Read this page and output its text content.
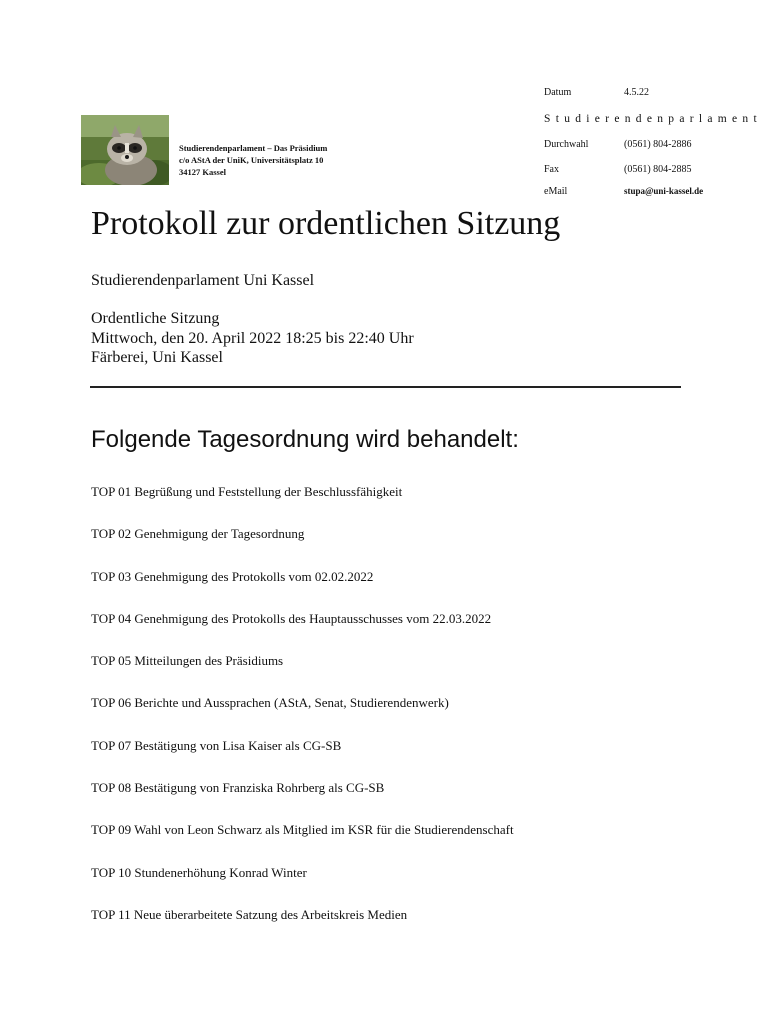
Studierendenparlament – Das Präsidium
c/o AStA der UniK, Universitätsplatz 10
34127 Kassel
Datum	4.5.22
Studierendenparlament
Durchwahl	(0561) 804-2886
Fax	(0561) 804-2885
eMail	stupa@uni-kassel.de
Protokoll zur ordentlichen Sitzung
Studierendenparlament Uni Kassel
Ordentliche Sitzung
Mittwoch, den 20. April 2022 18:25 bis 22:40 Uhr
Färberei, Uni Kassel
Folgende Tagesordnung wird behandelt:
TOP 01 Begrüßung und Feststellung der Beschlussfähigkeit
TOP 02 Genehmigung der Tagesordnung
TOP 03 Genehmigung des Protokolls vom 02.02.2022
TOP 04 Genehmigung des Protokolls des Hauptausschusses vom 22.03.2022
TOP 05 Mitteilungen des Präsidiums
TOP 06 Berichte und Aussprachen (AStA, Senat, Studierendenwerk)
TOP 07 Bestätigung von Lisa Kaiser als CG-SB
TOP 08 Bestätigung von Franziska Rohrberg als CG-SB
TOP 09 Wahl von Leon Schwarz als Mitglied im KSR für die Studierendenschaft
TOP 10 Stundenerhöhung Konrad Winter
TOP 11 Neue überarbeitete Satzung des Arbeitskreis Medien
